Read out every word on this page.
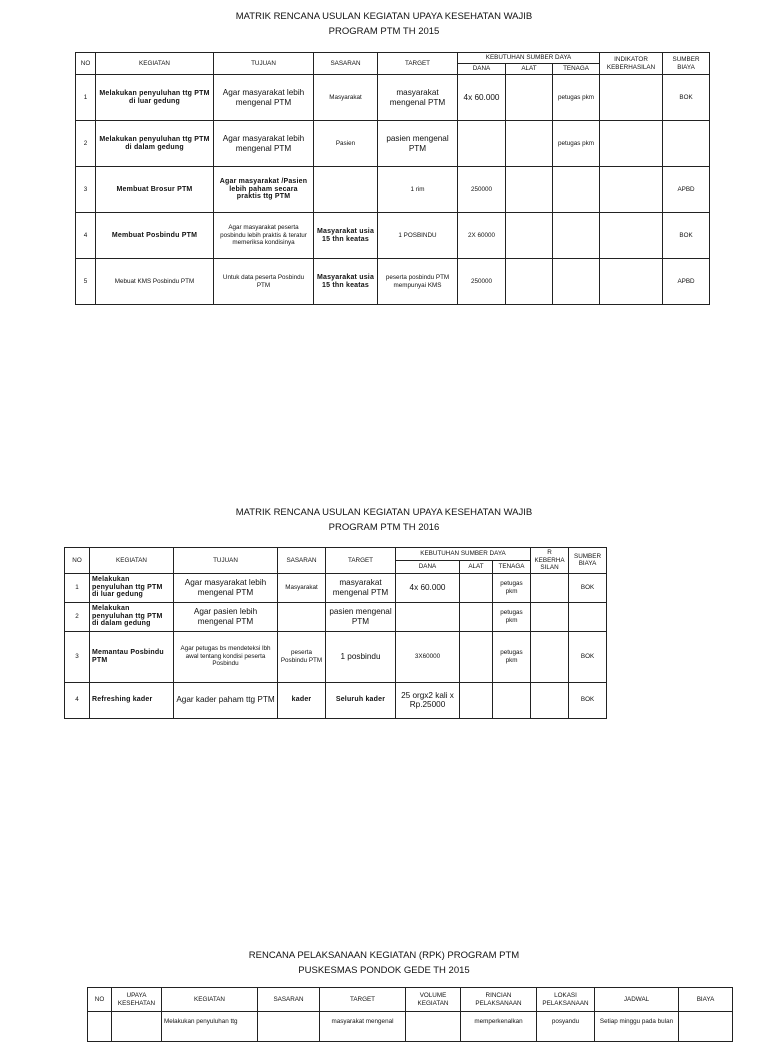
MATRIK RENCANA USULAN KEGIATAN UPAYA KESEHATAN WAJIB
PROGRAM PTM TH 2015
NO	KEGIATAN	TUJUAN	SASARAN	TARGET	KEBUTUHAN SUMBER DAYA			INDIKATOR KEBERHASILAN	SUMBER BIAYA
					DANA	ALAT	TENAGA		
1	Melakukan penyuluhan ttg PTM di luar gedung	Agar masyarakat lebih mengenal PTM	Masyarakat	masyarakat mengenal PTM	4x 60.000		petugas pkm		BOK
2	Melakukan penyuluhan ttg PTM di dalam gedung	Agar masyarakat lebih mengenal PTM	Pasien	pasien mengenal PTM			petugas pkm		
3	Membuat Brosur PTM	Agar masyarakat /Pasien lebih paham secara praktis ttg PTM		1 rim	250000				APBD
4	Membuat Posbindu PTM	Agar masyarakat peserta posbindu lebih praktis & teratur memeriksa kondisinya	Masyarakat usia 15 thn keatas	1 POSBINDU	2X 60000				BOK
5	Mebuat KMS Posbindu PTM	Untuk data peserta Posbindu PTM	Masyarakat usia 15 thn keatas	peserta posbindu PTM mempunyai KMS	250000				APBD
MATRIK RENCANA USULAN KEGIATAN UPAYA KESEHATAN WAJIB
PROGRAM PTM TH 2016
NO	KEGIATAN	TUJUAN	SASARAN	TARGET	KEBUTUHAN SUMBER DAYA			R KEBERHA SILAN	SUMBER BIAYA
					DANA	ALAT	TENAGA		
1	Melakukan penyuluhan ttg PTM di luar gedung	Agar masyarakat lebih mengenal PTM	Masyarakat	masyarakat mengenal PTM	4x 60.000		petugas pkm		BOK
2	Melakukan penyuluhan ttg PTM di dalam gedung	Agar pasien lebih mengenal PTM		pasien mengenal PTM			petugas pkm		
3	Memantau Posbindu PTM	Agar petugas bs mendeteksi lbh awal tentang kondisi peserta Posbindu	peserta Posbindu PTM	1 posbindu	3X60000		petugas pkm		BOK
4	Refreshing kader	Agar kader paham ttg PTM	kader	Seluruh kader	25 orgx2 kali x Rp.25000				BOK
RENCANA PELAKSANAAN KEGIATAN (RPK) PROGRAM PTM
PUSKESMAS PONDOK GEDE TH 2015
NO	UPAYA KESEHATAN	KEGIATAN	SASARAN	TARGET	VOLUME KEGIATAN	RINCIAN PELAKSANAAN	LOKASI PELAKSANAAN	JADWAL	BIAYA
		Melakukan penyuluhan ttg		masyarakat mengenal		memperkenalkan	posyandu	Setiap minggu pada bulan	
